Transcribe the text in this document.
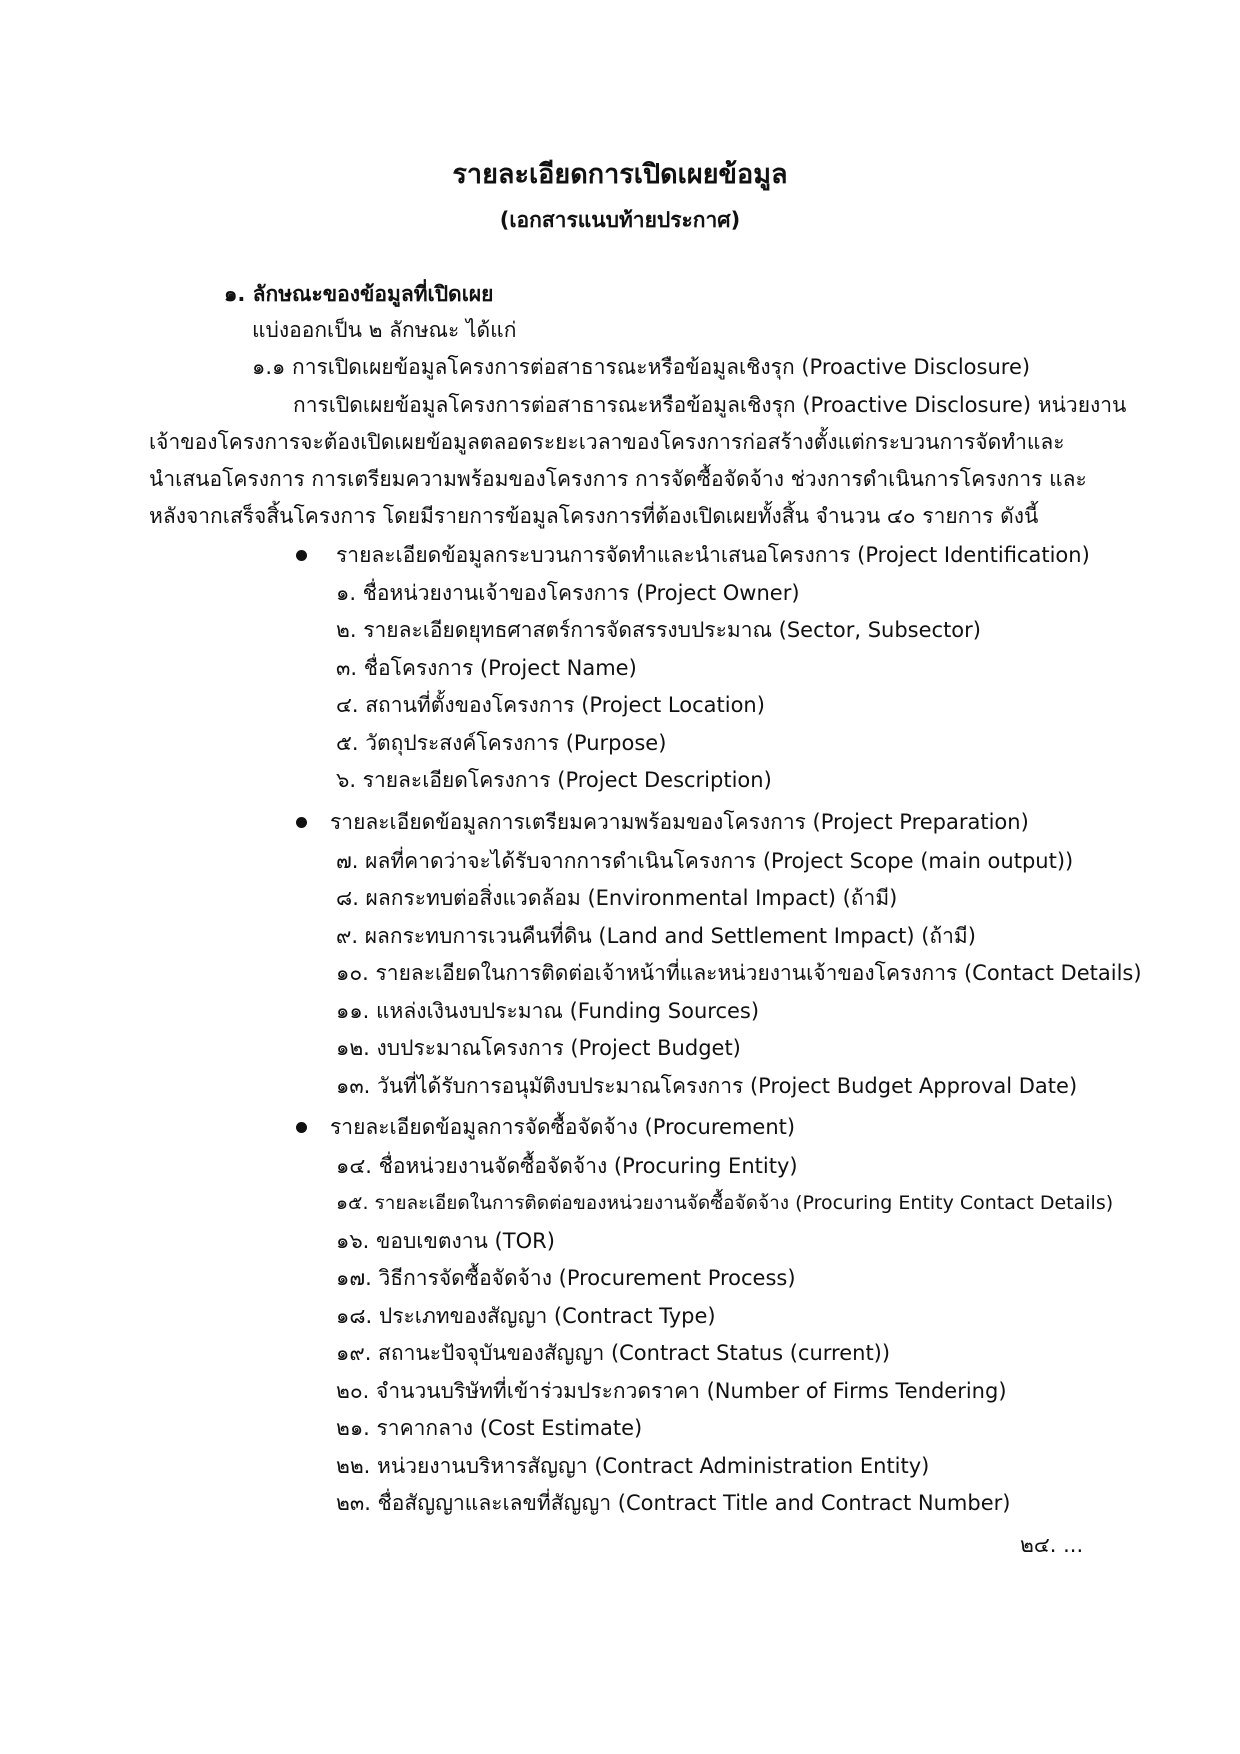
รายละเอียดการเปิดเผยข้อมูล
(เอกสารแนบท้ายประกาศ)
๑. ลักษณะของข้อมูลที่เปิดเผย
แบ่งออกเป็น ๒ ลักษณะ ได้แก่
๑.๑ การเปิดเผยข้อมูลโครงการต่อสาธารณะหรือข้อมูลเชิงรุก (Proactive Disclosure)
การเปิดเผยข้อมูลโครงการต่อสาธารณะหรือข้อมูลเชิงรุก (Proactive Disclosure) หน่วยงาน
เจ้าของโครงการจะต้องเปิดเผยข้อมูลตลอดระยะเวลาของโครงการก่อสร้างตั้งแต่กระบวนการจัดทำและ
นำเสนอโครงการ การเตรียมความพร้อมของโครงการ การจัดซื้อจัดจ้าง ช่วงการดำเนินการโครงการ และ
หลังจากเสร็จสิ้นโครงการ โดยมีรายการข้อมูลโครงการที่ต้องเปิดเผยทั้งสิ้น จำนวน ๔๐ รายการ ดังนี้
รายละเอียดข้อมูลกระบวนการจัดทำและนำเสนอโครงการ (Project Identification)
๑. ชื่อหน่วยงานเจ้าของโครงการ (Project Owner)
๒. รายละเอียดยุทธศาสตร์การจัดสรรงบประมาณ (Sector, Subsector)
๓. ชื่อโครงการ (Project Name)
๔. สถานที่ตั้งของโครงการ (Project Location)
๕. วัตถุประสงค์โครงการ (Purpose)
๖. รายละเอียดโครงการ (Project Description)
รายละเอียดข้อมูลการเตรียมความพร้อมของโครงการ (Project Preparation)
๗. ผลที่คาดว่าจะได้รับจากการดำเนินโครงการ (Project Scope (main output))
๘. ผลกระทบต่อสิ่งแวดล้อม (Environmental Impact) (ถ้ามี)
๙. ผลกระทบการเวนคืนที่ดิน (Land and Settlement Impact) (ถ้ามี)
๑๐. รายละเอียดในการติดต่อเจ้าหน้าที่และหน่วยงานเจ้าของโครงการ (Contact Details)
๑๑. แหล่งเงินงบประมาณ (Funding Sources)
๑๒. งบประมาณโครงการ (Project Budget)
๑๓. วันที่ได้รับการอนุมัติงบประมาณโครงการ (Project Budget Approval Date)
รายละเอียดข้อมูลการจัดซื้อจัดจ้าง (Procurement)
๑๔. ชื่อหน่วยงานจัดซื้อจัดจ้าง (Procuring Entity)
๑๕. รายละเอียดในการติดต่อของหน่วยงานจัดซื้อจัดจ้าง (Procuring Entity Contact Details)
๑๖. ขอบเขตงาน (TOR)
๑๗. วิธีการจัดซื้อจัดจ้าง (Procurement Process)
๑๘. ประเภทของสัญญา (Contract Type)
๑๙. สถานะปัจจุบันของสัญญา (Contract Status (current))
๒๐. จำนวนบริษัทที่เข้าร่วมประกวดราคา (Number of Firms Tendering)
๒๑. ราคากลาง (Cost Estimate)
๒๒. หน่วยงานบริหารสัญญา (Contract Administration Entity)
๒๓. ชื่อสัญญาและเลขที่สัญญา (Contract Title and Contract Number)
๒๔. ...
